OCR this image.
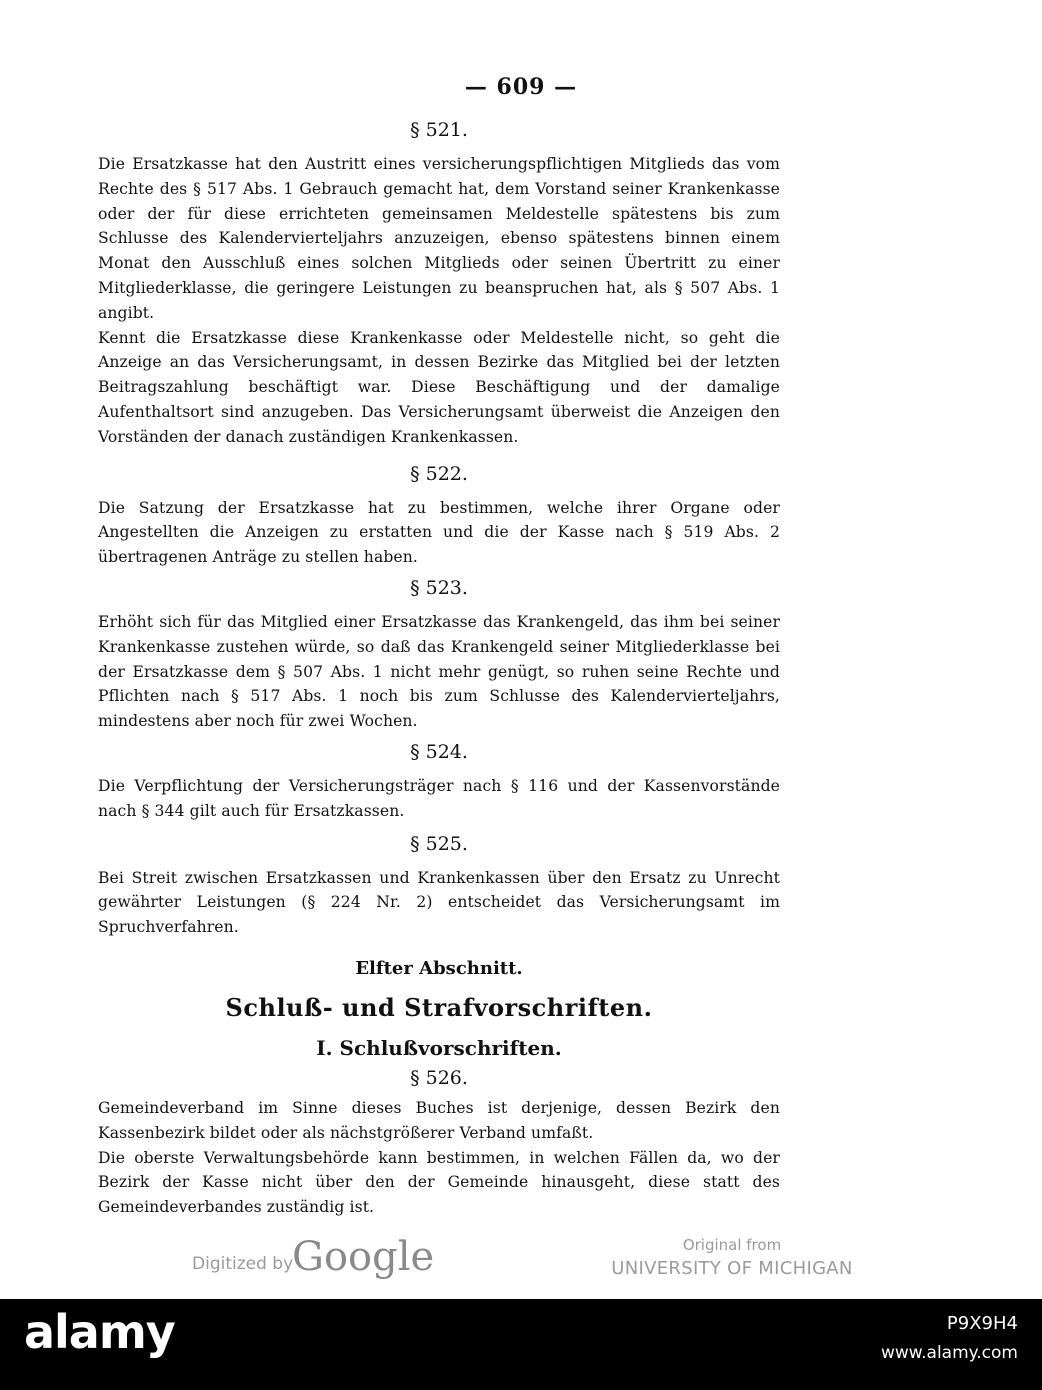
— 609 —
§ 521.

Die Ersatzkasse hat den Austritt eines versicherungspflichtigen Mitglieds das vom Rechte des § 517 Abs. 1 Gebrauch gemacht hat, dem Vorstand seiner Krankenkasse oder der für diese errichteten gemeinsamen Meldestelle spätestens bis zum Schlusse des Kalendervierteljahrs anzuzeigen, ebenso spätestens binnen einem Monat den Ausschluß eines solchen Mitglieds oder seinen Übertritt zu einer Mitgliederklasse, die geringere Leistungen zu beanspruchen hat, als § 507 Abs. 1 angibt.

Kennt die Ersatzkasse diese Krankenkasse oder Meldestelle nicht, so geht die Anzeige an das Versicherungsamt, in dessen Bezirke das Mitglied bei der letzten Beitragszahlung beschäftigt war. Diese Beschäftigung und der damalige Aufenthaltsort sind anzugeben. Das Versicherungsamt überweist die Anzeigen den Vorständen der danach zuständigen Krankenkassen.

§ 522.

Die Satzung der Ersatzkasse hat zu bestimmen, welche ihrer Organe oder Angestellten die Anzeigen zu erstatten und die der Kasse nach § 519 Abs. 2 übertragenen Anträge zu stellen haben.

§ 523.

Erhöht sich für das Mitglied einer Ersatzkasse das Krankengeld, das ihm bei seiner Krankenkasse zustehen würde, so daß das Krankengeld seiner Mitgliederklasse bei der Ersatzkasse dem § 507 Abs. 1 nicht mehr genügt, so ruhen seine Rechte und Pflichten nach § 517 Abs. 1 noch bis zum Schlusse des Kalendervierteljahrs, mindestens aber noch für zwei Wochen.

§ 524.

Die Verpflichtung der Versicherungsträger nach § 116 und der Kassenvorstände nach § 344 gilt auch für Ersatzkassen.

§ 525.

Bei Streit zwischen Ersatzkassen und Krankenkassen über den Ersatz zu Unrecht gewährter Leistungen (§ 224 Nr. 2) entscheidet das Versicherungsamt im Spruchverfahren.

Elfter Abschnitt.
Schluß- und Strafvorschriften.
I. Schlußvorschriften.
§ 526.

Gemeindeverband im Sinne dieses Buches ist derjenige, dessen Bezirk den Kassenbezirk bildet oder als nächstgrößerer Verband umfaßt.

Die oberste Verwaltungsbehörde kann bestimmen, in welchen Fällen da, wo der Bezirk der Kasse nicht über den der Gemeinde hinausgeht, diese statt des Gemeindeverbandes zuständig ist.

Digitized by
Google	Original from
UNIVERSITY OF MICHIGAN
alamy	P9X9H4
www.alamy.com
